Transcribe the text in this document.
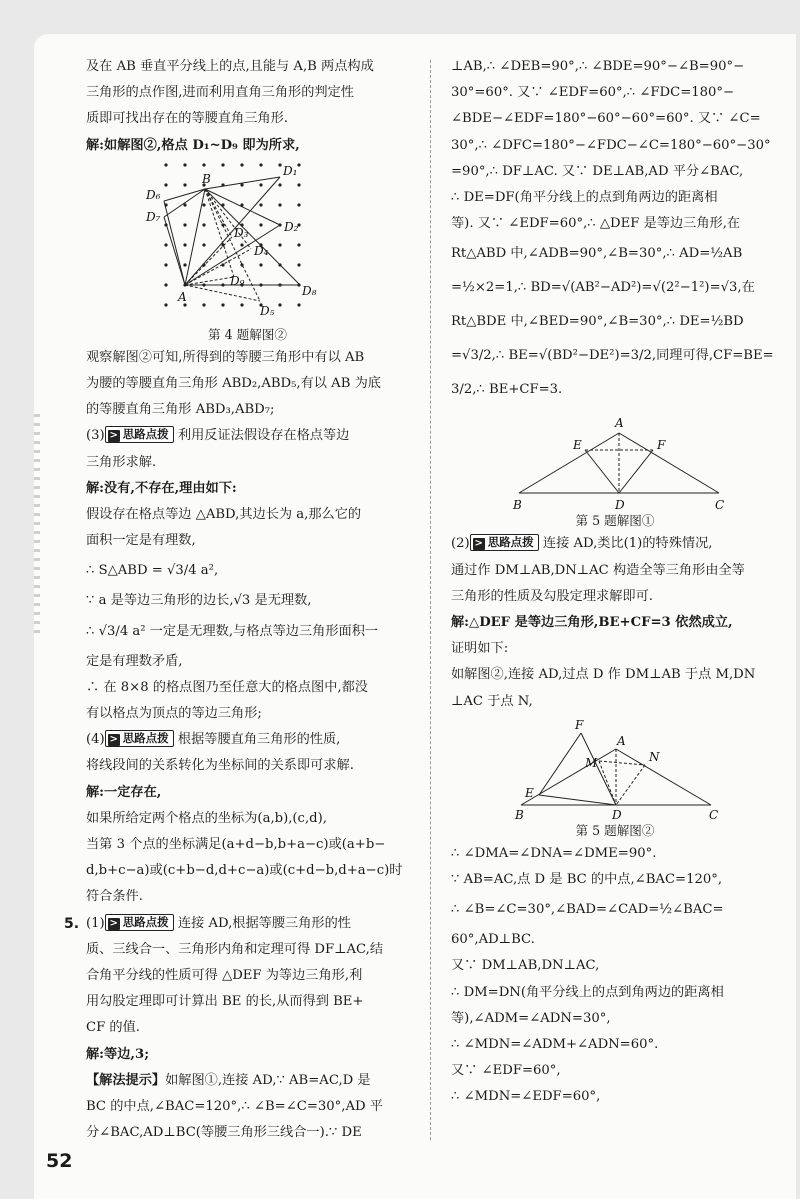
及在 AB 垂直平分线上的点,且能与 A,B 两点构成
三角形的点作图,进而利用直角三角形的判定性
质即可找出存在的等腰直角三角形.
解:如解图②,格点 D₁~D₉ 即为所求,
B
A
D₁
D₂
D₃
D₄
D₅
D₆
D₇
D₈
D₉

第 4 题解图②

观察解图②可知,所得到的等腰三角形中有以 AB
为腰的等腰直角三角形 ABD₂,ABD₅,有以 AB 为底
的等腰直角三角形 ABD₃,ABD₇;
(3) > 思路点拨 利用反证法假设存在格点等边
三角形求解.
解:没有,不存在,理由如下:
假设存在格点等边 △ABD,其边长为 a,那么它的
面积一定是有理数,
∴ S△ABD = √3/4 a²,
∵ a 是等边三角形的边长,√3 是无理数,
∴ √3/4 a² 一定是无理数,与格点等边三角形面积一
定是有理数矛盾,
∴ 在 8×8 的格点图乃至任意大的格点图中,都没
有以格点为顶点的等边三角形;
(4) > 思路点拨 根据等腰直角三角形的性质,
将线段间的关系转化为坐标间的关系即可求解.
解:一定存在,
如果所给定两个格点的坐标为(a,b),(c,d),
当第 3 个点的坐标满足(a+d−b,b+a−c)或(a+b−
d,b+c−a)或(c+b−d,d+c−a)或(c+d−b,d+a−c)时
符合条件.
5. (1) > 思路点拨 连接 AD,根据等腰三角形的性
质、三线合一、三角形内角和定理可得 DF⊥AC,结
合角平分线的性质可得 △DEF 为等边三角形,利
用勾股定理即可计算出 BE 的长,从而得到 BE+
CF 的值.
解:等边,3;
【解法提示】如解图①,连接 AD,∵ AB=AC,D 是
BC 的中点,∠BAC=120°,∴ ∠B=∠C=30°,AD 平
分∠BAC,AD⊥BC(等腰三角形三线合一).∵ DE
⊥AB,∴ ∠DEB=90°,∴ ∠BDE=90°−∠B=90°−
30°=60°. 又∵ ∠EDF=60°,∴ ∠FDC=180°−
∠BDE−∠EDF=180°−60°−60°=60°. 又∵ ∠C=
30°,∴ ∠DFC=180°−∠FDC−∠C=180°−60°−30°
=90°,∴ DF⊥AC. 又∵ DE⊥AB,AD 平分∠BAC,
∴ DE=DF(角平分线上的点到角两边的距离相
等). 又∵ ∠EDF=60°,∴ △DEF 是等边三角形,在
Rt△ABD 中,∠ADB=90°,∠B=30°,∴ AD=½AB
=½×2=1,∴ BD=√(AB²−AD²)=√(2²−1²)=√3,在
Rt△BDE 中,∠BED=90°,∠B=30°,∴ DE=½BD
=√3/2,∴ BE=√(BD²−DE²)=3/2,同理可得,CF=BE=
3/2,∴ BE+CF=3.
A
E	F
B	D	C

第 5 题解图①

(2) > 思路点拨 连接 AD,类比(1)的特殊情况,
通过作 DM⊥AB,DN⊥AC 构造全等三角形由全等
三角形的性质及勾股定理求解即可.
解:△DEF 是等边三角形,BE+CF=3 依然成立,
证明如下:
如解图②,连接 AD,过点 D 作 DM⊥AB 于点 M,DN
⊥AC 于点 N,
F
A
N
M
E
B	D	C

第 5 题解图②

∴ ∠DMA=∠DNA=∠DME=90°.
∵ AB=AC,点 D 是 BC 的中点,∠BAC=120°,
∴ ∠B=∠C=30°,∠BAD=∠CAD=½∠BAC=
60°,AD⊥BC.
又∵ DM⊥AB,DN⊥AC,
∴ DM=DN(角平分线上的点到角两边的距离相
等),∠ADM=∠ADN=30°,
∴ ∠MDN=∠ADM+∠ADN=60°.
又∵ ∠EDF=60°,
∴ ∠MDN=∠EDF=60°,
52
